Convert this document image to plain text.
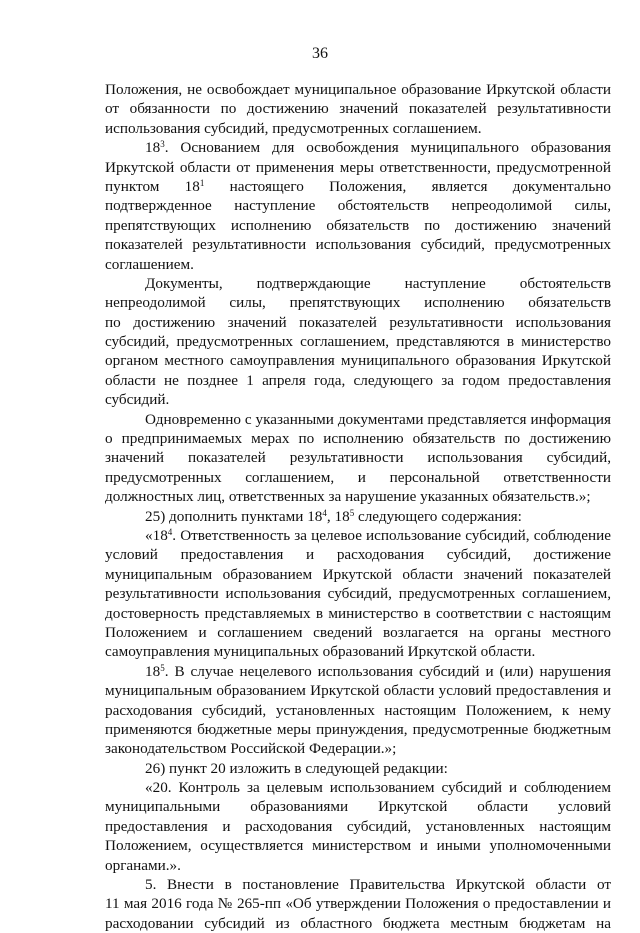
36
Положения, не освобождает муниципальное образование Иркутской области
от обязанности по достижению значений показателей результативности
использования субсидий, предусмотренных соглашением.
$18^3$. Основанием для освобождения муниципального образования
Иркутской области от применения меры ответственности, предусмотренной
пунктом $18^1$ настоящего Положения, является документально
подтвержденное наступление обстоятельств непреодолимой силы,
препятствующих исполнению обязательств по достижению значений
показателей результативности использования субсидий, предусмотренных
соглашением.
Документы, подтверждающие наступление обстоятельств
непреодолимой силы, препятствующих исполнению обязательств
по достижению значений показателей результативности использования
субсидий, предусмотренных соглашением, представляются в министерство
органом местного самоуправления муниципального образования Иркутской
области не позднее 1 апреля года, следующего за годом предоставления
субсидий.
Одновременно с указанными документами представляется информация
о предпринимаемых мерах по исполнению обязательств по достижению
значений показателей результативности использования субсидий,
предусмотренных соглашением, и персональной ответственности
должностных лиц, ответственных за нарушение указанных обязательств.»;
25) дополнить пунктами $18^4$, $18^5$ следующего содержания:
«$18^4$. Ответственность за целевое использование субсидий, соблюдение
условий предоставления и расходования субсидий, достижение
муниципальным образованием Иркутской области значений показателей
результативности использования субсидий, предусмотренных соглашением,
достоверность представляемых в министерство в соответствии с настоящим
Положением и соглашением сведений возлагается на органы местного
самоуправления муниципальных образований Иркутской области.
$18^5$. В случае нецелевого использования субсидий и (или) нарушения
муниципальным образованием Иркутской области условий предоставления и
расходования субсидий, установленных настоящим Положением, к нему
применяются бюджетные меры принуждения, предусмотренные бюджетным
законодательством Российской Федерации.»;
26) пункт 20 изложить в следующей редакции:
«20. Контроль за целевым использованием субсидий и соблюдением
муниципальными образованиями Иркутской области условий
предоставления и расходования субсидий, установленных настоящим
Положением, осуществляется министерством и иными уполномоченными
органами.».
5. Внести в постановление Правительства Иркутской области от
11 мая 2016 года № 265-пп «Об утверждении Положения о предоставлении и
расходовании субсидий из областного бюджета местным бюджетам на
